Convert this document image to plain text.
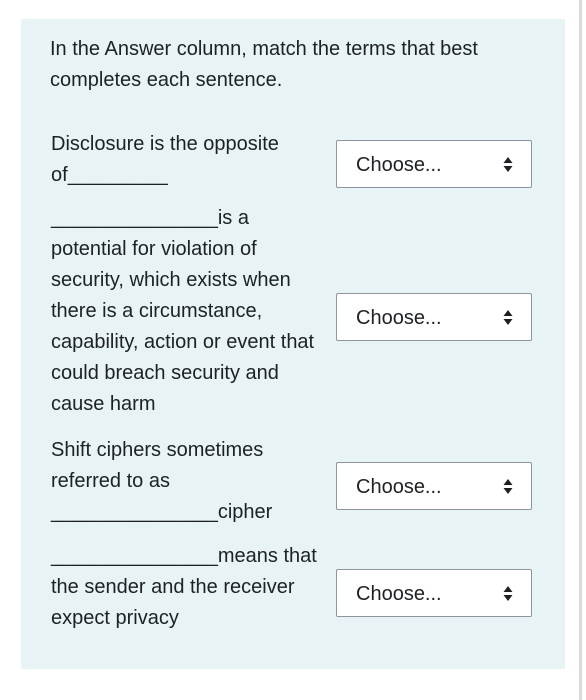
In the Answer column, match the terms that best completes each sentence.

Disclosure is the opposite
of_________	Choose...

_______________is a potential for violation of security, which exists when there is a circumstance, capability, action or event that could breach security and cause harm

Choose...

Shift ciphers sometimes
referred to as
_______________cipher

Choose...

_______________means that the sender and the receiver expect privacy

Choose...
